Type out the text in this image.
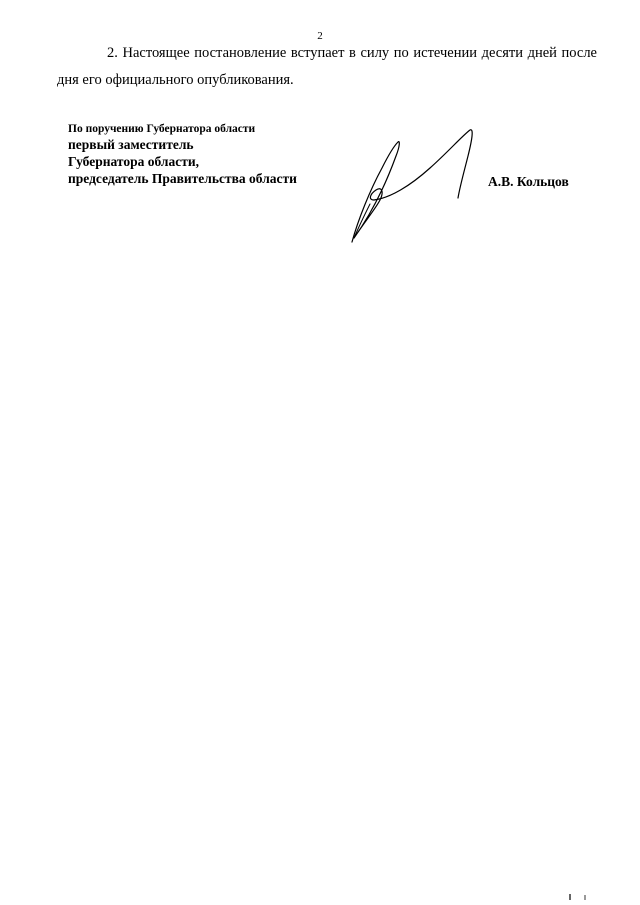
2

2. Настоящее постановление вступает в силу по истечении десяти дней после дня его официального опубликования.

По поручению Губернатора области
первый заместитель
Губернатора области,
председатель Правительства области	А.В. Кольцов
